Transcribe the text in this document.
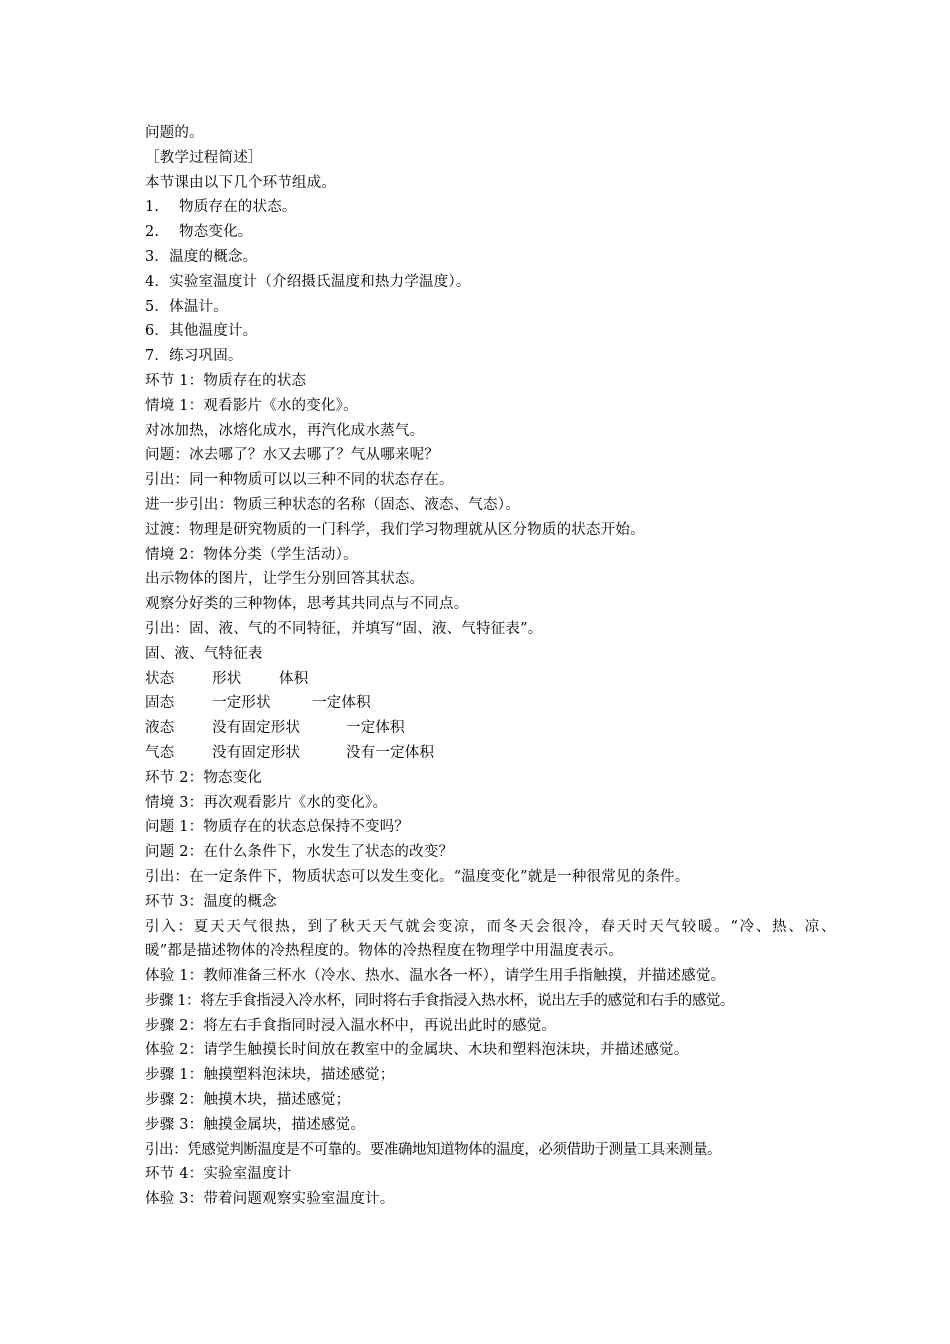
问题的。
［教学过程简述］
本节课由以下几个环节组成。
1. 物质存在的状态。
2. 物态变化。
3．温度的概念。
4．实验室温度计（介绍摄氏温度和热力学温度）。
5．体温计。
6．其他温度计。
7．练习巩固。
环节 1：物质存在的状态
情境 1：观看影片《水的变化》。
对冰加热，冰熔化成水，再汽化成水蒸气。
问题：冰去哪了？水又去哪了？气从哪来呢？
引出：同一种物质可以以三种不同的状态存在。
进一步引出：物质三种状态的名称（固态、液态、气态）。
过渡：物理是研究物质的一门科学，我们学习物理就从区分物质的状态开始。
情境 2：物体分类（学生活动）。
出示物体的图片，让学生分别回答其状态。
观察分好类的三种物体，思考其共同点与不同点。
引出：固、液、气的不同特征，并填写“固、液、气特征表”。
固、液、气特征表
状态	形状	体积
固态	一定形状	一定体积
液态	没有固定形状	一定体积
气态	没有固定形状	没有一定体积
环节 2：物态变化
情境 3：再次观看影片《水的变化》。
问题 1：物质存在的状态总保持不变吗？
问题 2：在什么条件下，水发生了状态的改变？
引出：在一定条件下，物质状态可以发生变化。“温度变化”就是一种很常见的条件。
环节 3：温度的概念
引入：夏天天气很热，到了秋天天气就会变凉，而冬天会很冷，春天时天气较暖。“冷、热、凉、
暖”都是描述物体的冷热程度的。物体的冷热程度在物理学中用温度表示。
体验 1：教师准备三杯水（冷水、热水、温水各一杯），请学生用手指触摸，并描述感觉。
步骤 1：将左手食指浸入冷水杯，同时将右手食指浸入热水杯，说出左手的感觉和右手的感觉。
步骤 2：将左右手食指同时浸入温水杯中，再说出此时的感觉。
体验 2：请学生触摸长时间放在教室中的金属块、木块和塑料泡沫块，并描述感觉。
步骤 1：触摸塑料泡沫块，描述感觉；
步骤 2：触摸木块，描述感觉；
步骤 3：触摸金属块，描述感觉。
引出：凭感觉判断温度是不可靠的。要准确地知道物体的温度，必须借助于测量工具来测量。
环节 4：实验室温度计
体验 3：带着问题观察实验室温度计。
